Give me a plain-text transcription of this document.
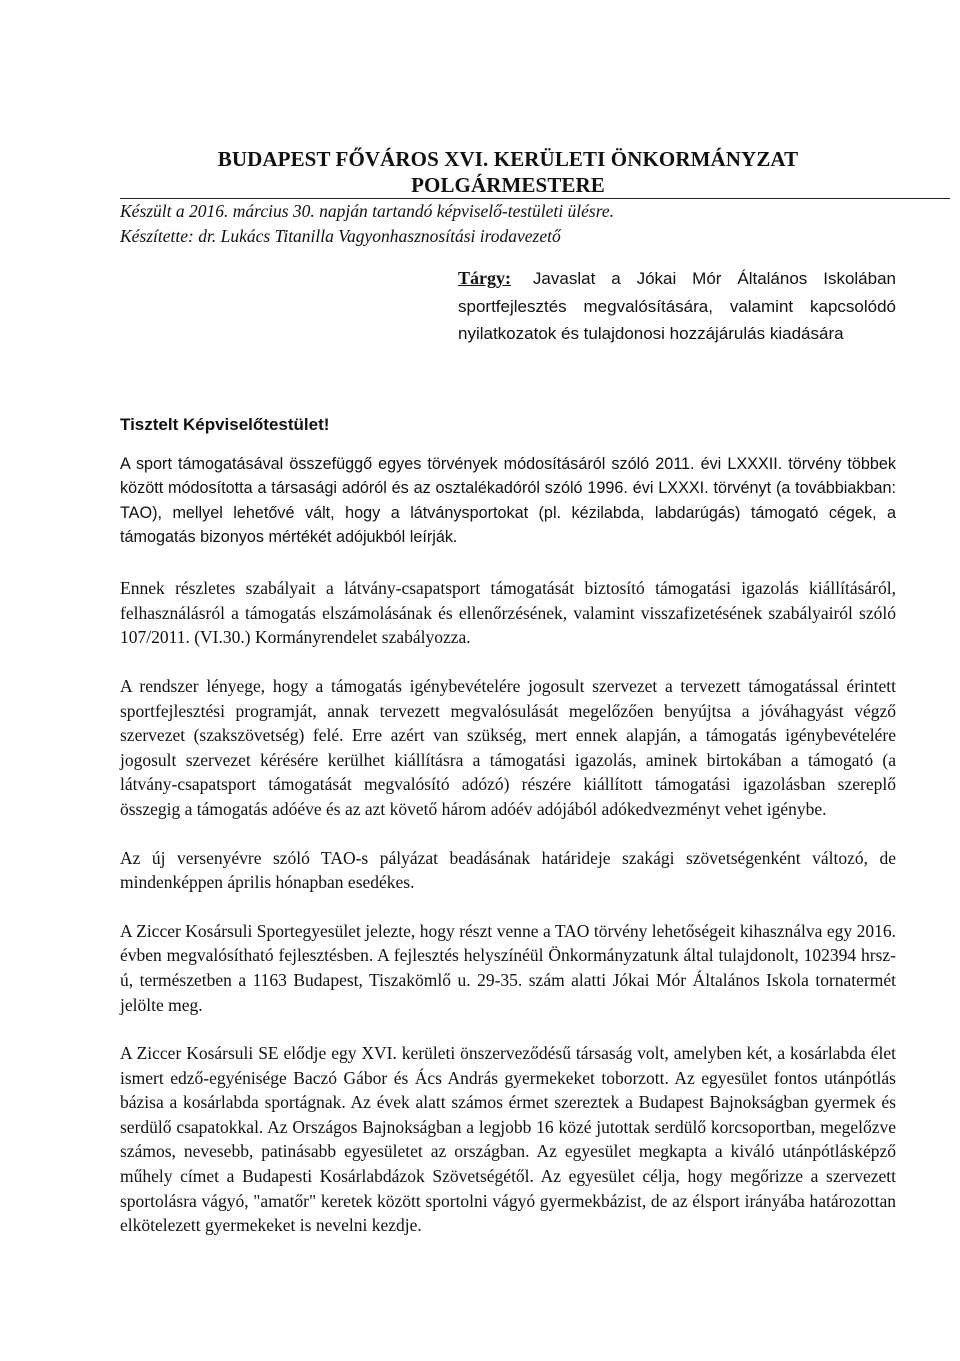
BUDAPEST FŐVÁROS XVI. KERÜLETI ÖNKORMÁNYZAT
POLGÁRMESTERE
Készült a 2016. március 30. napján tartandó képviselő-testületi ülésre.
Készítette: dr. Lukács Titanilla Vagyonhasznosítási irodavezető
Tárgy: Javaslat a Jókai Mór Általános Iskolában sportfejlesztés megvalósítására, valamint kapcsolódó nyilatkozatok és tulajdonosi hozzájárulás kiadására
Tisztelt Képviselőtestület!

A sport támogatásával összefüggő egyes törvények módosításáról szóló 2011. évi LXXXII. törvény többek között módosította a társasági adóról és az osztalékadóról szóló 1996. évi LXXXI. törvényt (a továbbiakban: TAO), mellyel lehetővé vált, hogy a látványsportokat (pl. kézilabda, labdarúgás) támogató cégek, a támogatás bizonyos mértékét adójukból leírják.

Ennek részletes szabályait a látvány-csapatsport támogatását biztosító támogatási igazolás kiállításáról, felhasználásról a támogatás elszámolásának és ellenőrzésének, valamint visszafizetésének szabályairól szóló 107/2011. (VI.30.) Kormányrendelet szabályozza.

A rendszer lényege, hogy a támogatás igénybevételére jogosult szervezet a tervezett támogatással érintett sportfejlesztési programját, annak tervezett megvalósulását megelőzően benyújtsa a jóváhagyást végző szervezet (szakszövetség) felé. Erre azért van szükség, mert ennek alapján, a támogatás igénybevételére jogosult szervezet kérésére kerülhet kiállításra a támogatási igazolás, aminek birtokában a támogató (a látvány-csapatsport támogatását megvalósító adózó) részére kiállított támogatási igazolásban szereplő összegig a támogatás adóéve és az azt követő három adóév adójából adókedvezményt vehet igénybe.

Az új versenyévre szóló TAO-s pályázat beadásának határideje szakági szövetségenként változó, de mindenképpen április hónapban esedékes.

A Ziccer Kosársuli Sportegyesület jelezte, hogy részt venne a TAO törvény lehetőségeit kihasználva egy 2016. évben megvalósítható fejlesztésben. A fejlesztés helyszínéül Önkormányzatunk által tulajdonolt, 102394 hrsz-ú, természetben a 1163 Budapest, Tiszakömlő u. 29-35. szám alatti Jókai Mór Általános Iskola tornatermét jelölte meg.

A Ziccer Kosársuli SE elődje egy XVI. kerületi önszerveződésű társaság volt, amelyben két, a kosárlabda élet ismert edző-egyénisége Baczó Gábor és Ács András gyermekeket toborzott. Az egyesület fontos utánpótlás bázisa a kosárlabda sportágnak. Az évek alatt számos érmet szereztek a Budapest Bajnokságban gyermek és serdülő csapatokkal. Az Országos Bajnokságban a legjobb 16 közé jutottak serdülő korcsoportban, megelőzve számos, nevesebb, patinásabb egyesületet az országban. Az egyesület megkapta a kiváló utánpótlásképző műhely címet a Budapesti Kosárlabdázok Szövetségétől. Az egyesület célja, hogy megőrizze a szervezett sportolásra vágyó, "amatőr" keretek között sportolni vágyó gyermekbázist, de az élsport irányába határozottan elkötelezett gyermekeket is nevelni kezdje.
